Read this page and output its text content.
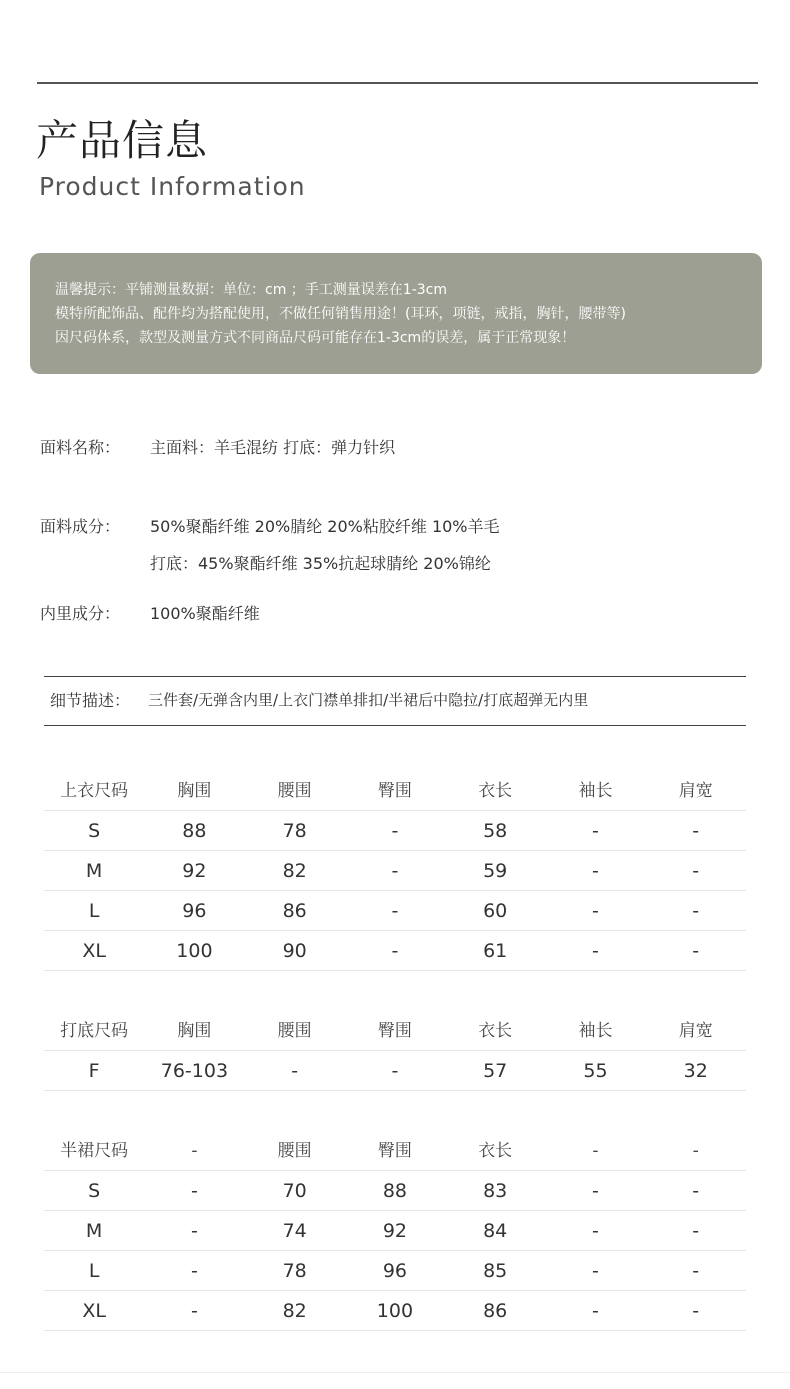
产品信息
Product Information
温馨提示：平铺测量数据：单位：cm ；手工测量误差在1-3cm
模特所配饰品、配件均为搭配使用，不做任何销售用途！(耳环，项链，戒指，胸针，腰带等)
因尺码体系，款型及测量方式不同商品尺码可能存在1-3cm的误差，属于正常现象！
面料名称： 主面料：羊毛混纺 打底：弹力针织
面料成分： 50%聚酯纤维 20%腈纶 20%粘胶纤维 10%羊毛
打底：45%聚酯纤维 35%抗起球腈纶 20%锦纶
内里成分： 100%聚酯纤维
细节描述： 三件套/无弹含内里/上衣门襟单排扣/半裙后中隐拉/打底超弹无内里
上衣尺码	胸围	腰围	臀围	衣长	袖长	肩宽
S	88	78	-	58	-	-
M	92	82	-	59	-	-
L	96	86	-	60	-	-
XL	100	90	-	61	-	-
打底尺码	胸围	腰围	臀围	衣长	袖长	肩宽
F	76-103	-	-	57	55	32
半裙尺码	-	腰围	臀围	衣长	-	-
S	-	70	88	83	-	-
M	-	74	92	84	-	-
L	-	78	96	85	-	-
XL	-	82	100	86	-	-
